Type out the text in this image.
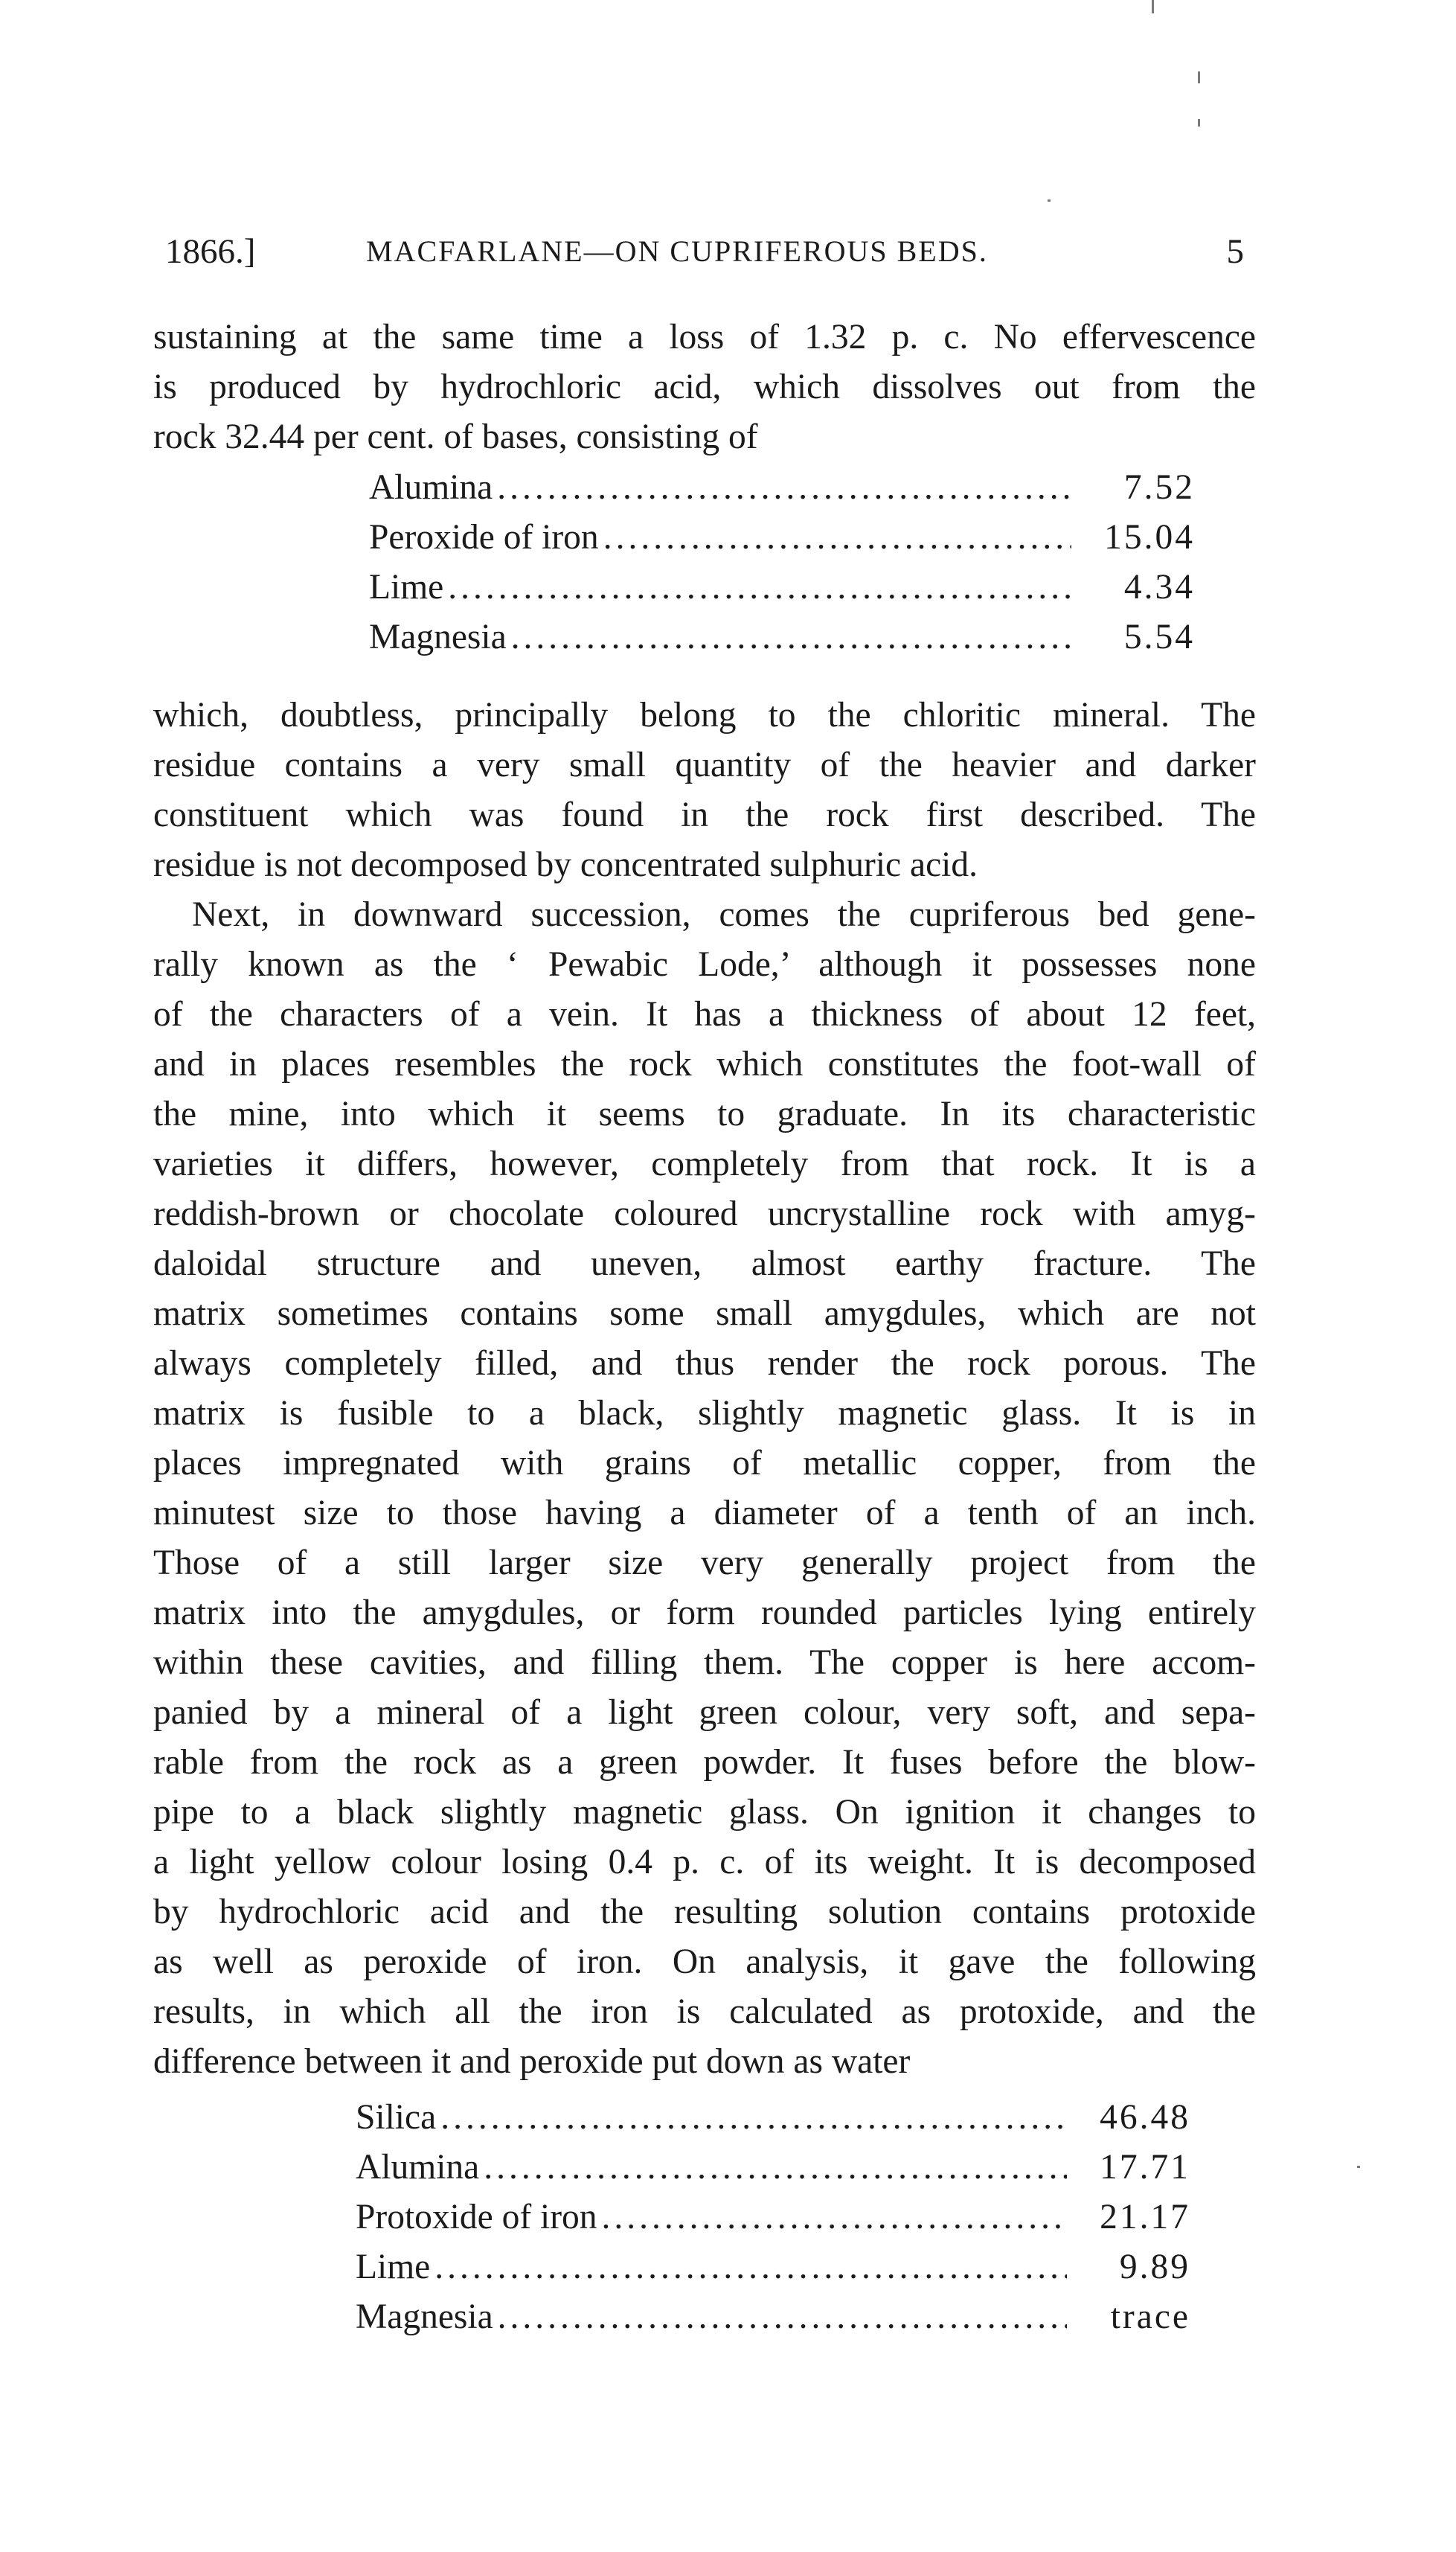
1866.]	MACFARLANE—ON CUPRIFEROUS BEDS.	5
sustaining at the same time a loss of 1.32 p. c. No effervescence
is produced by hydrochloric acid, which dissolves out from the
rock 32.44 per cent. of bases, consisting of
Alumina .....	7.52
Peroxide of iron .....	15.04
Lime .....	4.34
Magnesia .....	5.54
which, doubtless, principally belong to the chloritic mineral. The
residue contains a very small quantity of the heavier and darker
constituent which was found in the rock first described. The
residue is not decomposed by concentrated sulphuric acid.
Next, in downward succession, comes the cupriferous bed gene-
rally known as the ‘ Pewabic Lode,’ although it possesses none
of the characters of a vein. It has a thickness of about 12 feet,
and in places resembles the rock which constitutes the foot-wall of
the mine, into which it seems to graduate. In its characteristic
varieties it differs, however, completely from that rock. It is a
reddish-brown or chocolate coloured uncrystalline rock with amyg-
daloidal structure and uneven, almost earthy fracture. The
matrix sometimes contains some small amygdules, which are not
always completely filled, and thus render the rock porous. The
matrix is fusible to a black, slightly magnetic glass. It is in
places impregnated with grains of metallic copper, from the
minutest size to those having a diameter of a tenth of an inch.
Those of a still larger size very generally project from the
matrix into the amygdules, or form rounded particles lying entirely
within these cavities, and filling them. The copper is here accom-
panied by a mineral of a light green colour, very soft, and sepa-
rable from the rock as a green powder. It fuses before the blow-
pipe to a black slightly magnetic glass. On ignition it changes to
a light yellow colour losing 0.4 p. c. of its weight. It is decomposed
by hydrochloric acid and the resulting solution contains protoxide
as well as peroxide of iron. On analysis, it gave the following
results, in which all the iron is calculated as protoxide, and the
difference between it and peroxide put down as water
Silica .....	46.48
Alumina .....	17.71
Protoxide of iron .....	21.17
Lime .....	9.89
Magnesia .....	trace
